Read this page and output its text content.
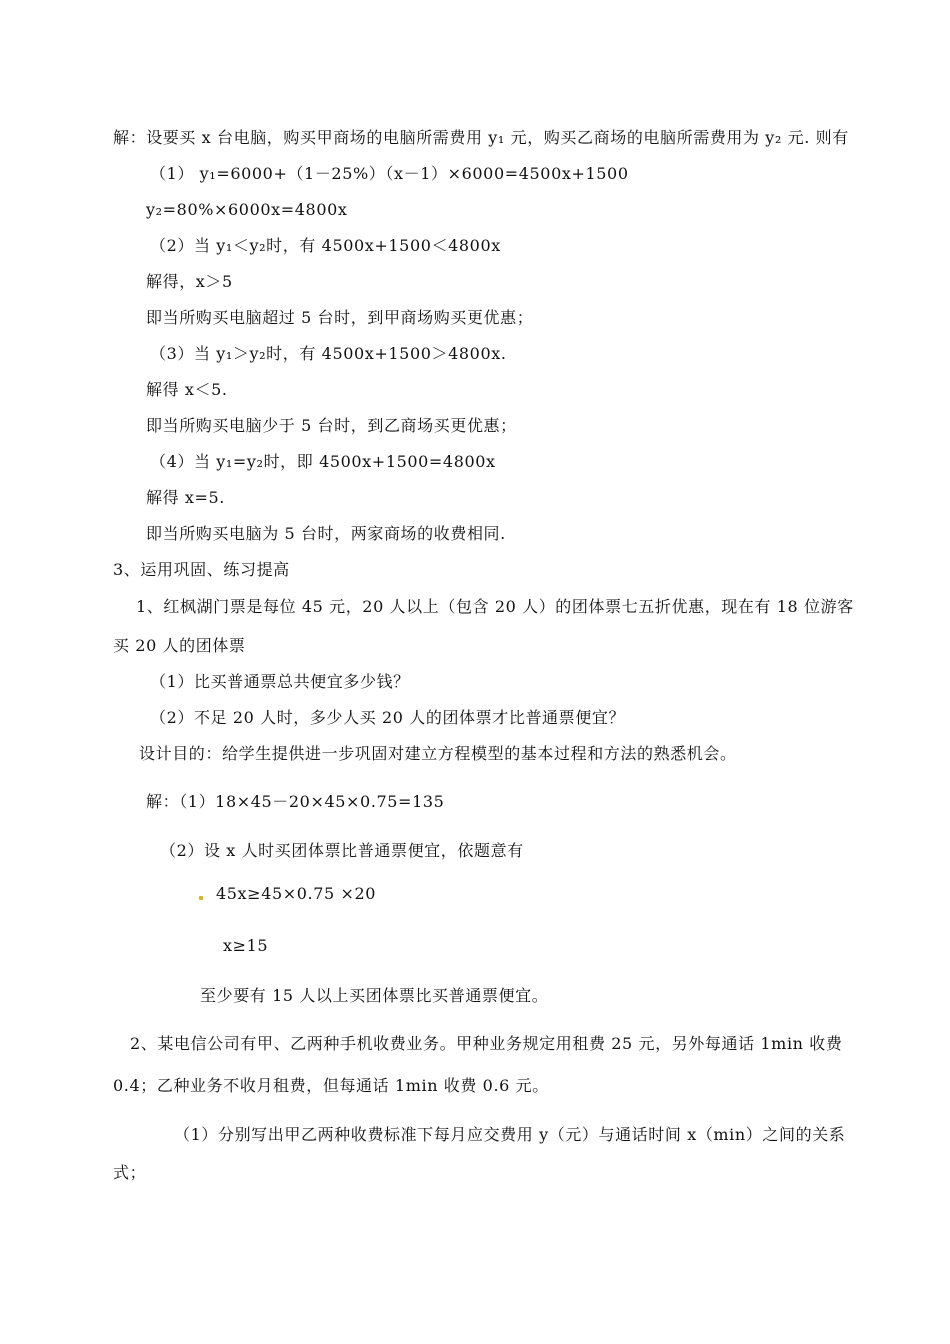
解：设要买 x 台电脑，购买甲商场的电脑所需费用 y₁ 元，购买乙商场的电脑所需费用为 y₂ 元. 则有
（1） y₁=6000+（1－25%）（x－1）×6000=4500x+1500
y₂=80%×6000x=4800x
（2）当 y₁＜y₂时，有 4500x+1500＜4800x
解得，x＞5
即当所购买电脑超过 5 台时，到甲商场购买更优惠；
（3）当 y₁＞y₂时，有 4500x+1500＞4800x.
解得 x＜5.
即当所购买电脑少于 5 台时，到乙商场买更优惠；
（4）当 y₁=y₂时，即 4500x+1500=4800x
解得 x=5.
即当所购买电脑为 5 台时，两家商场的收费相同.
3、运用巩固、练习提高
1、红枫湖门票是每位 45 元，20 人以上（包含 20 人）的团体票七五折优惠，现在有 18 位游客
买 20 人的团体票
（1）比买普通票总共便宜多少钱？
（2）不足 20 人时，多少人买 20 人的团体票才比普通票便宜？
设计目的：给学生提供进一步巩固对建立方程模型的基本过程和方法的熟悉机会。
解：（1）18×45－20×45×0.75=135
（2）设 x 人时买团体票比普通票便宜，依题意有
45x≥45×0.75 ×20
x≥15
至少要有 15 人以上买团体票比买普通票便宜。
2、某电信公司有甲、乙两种手机收费业务。甲种业务规定用租费 25 元，另外每通话 1min 收费
0.4；乙种业务不收月租费，但每通话 1min 收费 0.6 元。
（1）分别写出甲乙两种收费标准下每月应交费用 y（元）与通话时间 x（min）之间的关系
式；
